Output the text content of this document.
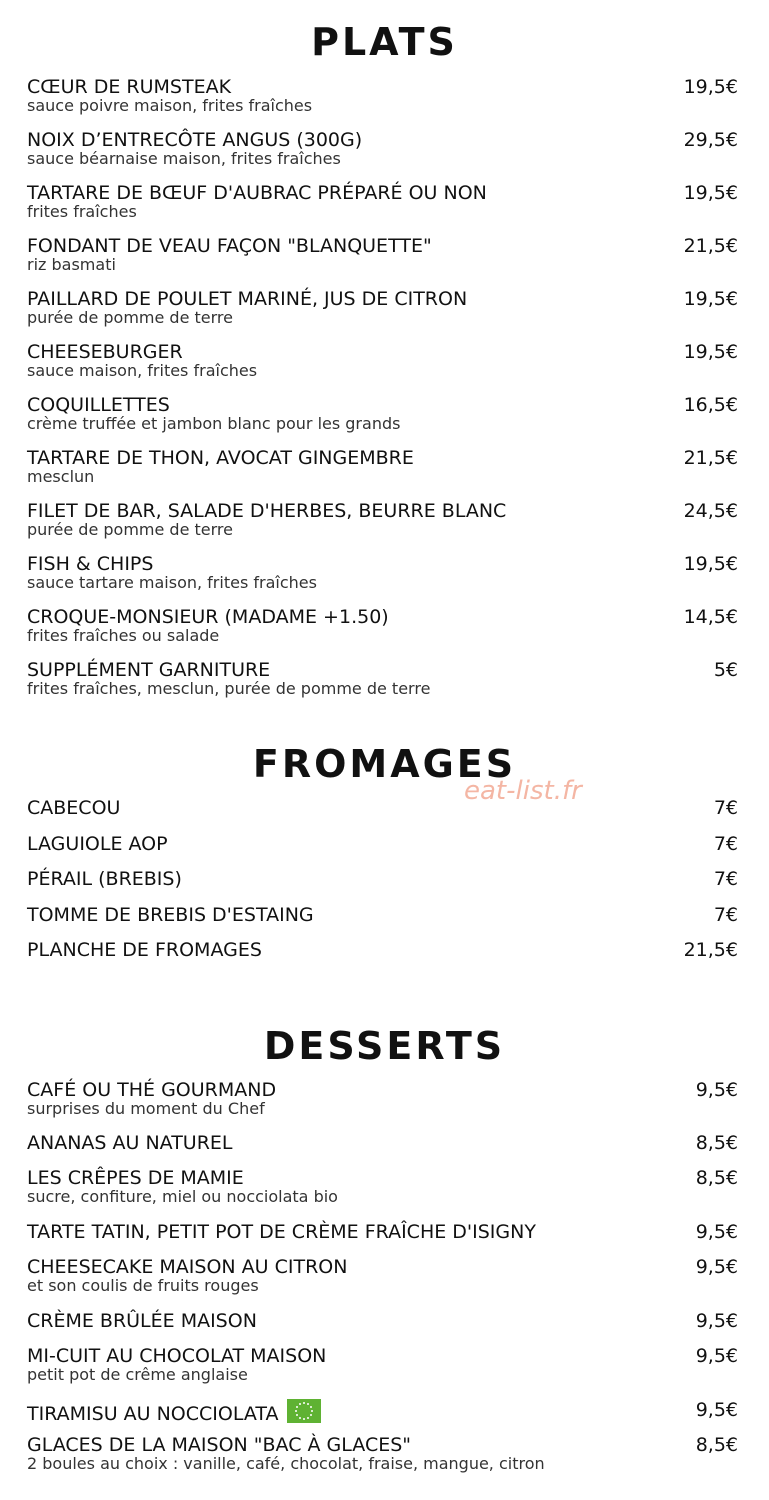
PLATS
CŒUR DE RUMSTEAK
sauce poivre maison, frites fraîches
19,5€
NOIX D’ENTRECÔTE ANGUS (300G)
sauce béarnaise maison, frites fraîches
29,5€
TARTARE DE BŒUF D'AUBRAC PRÉPARÉ OU NON
frites fraîches
19,5€
FONDANT DE VEAU FAÇON "BLANQUETTE"
riz basmati
21,5€
PAILLARD DE POULET MARINÉ, JUS DE CITRON
purée de pomme de terre
19,5€
CHEESEBURGER
sauce maison, frites fraîches
19,5€
COQUILLETTES
crème truffée et jambon blanc pour les grands
16,5€
TARTARE DE THON, AVOCAT GINGEMBRE
mesclun
21,5€
FILET DE BAR, SALADE D'HERBES, BEURRE BLANC
purée de pomme de terre
24,5€
FISH & CHIPS
sauce tartare maison, frites fraîches
19,5€
CROQUE-MONSIEUR (MADAME +1.50)
frites fraîches ou salade
14,5€
SUPPLÉMENT GARNITURE
frites fraîches, mesclun, purée de pomme de terre
5€
FROMAGES
eat-list.fr
CABECOU	7€
LAGUIOLE AOP	7€
PÉRAIL (BREBIS)	7€
TOMME DE BREBIS D'ESTAING	7€
PLANCHE DE FROMAGES	21,5€
DESSERTS
CAFÉ OU THÉ GOURMAND
surprises du moment du Chef
9,5€
ANANAS AU NATUREL	8,5€
LES CRÊPES DE MAMIE
sucre, confiture, miel ou nocciolata bio
8,5€
TARTE TATIN, PETIT POT DE CRÈME FRAÎCHE D'ISIGNY	9,5€
CHEESECAKE MAISON AU CITRON
et son coulis de fruits rouges
9,5€
CRÈME BRÛLÉE MAISON	9,5€
MI-CUIT AU CHOCOLAT MAISON
petit pot de crême anglaise
9,5€
TIRAMISU AU NOCCIOLATA	9,5€
GLACES DE LA MAISON "BAC À GLACES"
2 boules au choix : vanille, café, chocolat, fraise, mangue, citron
8,5€
